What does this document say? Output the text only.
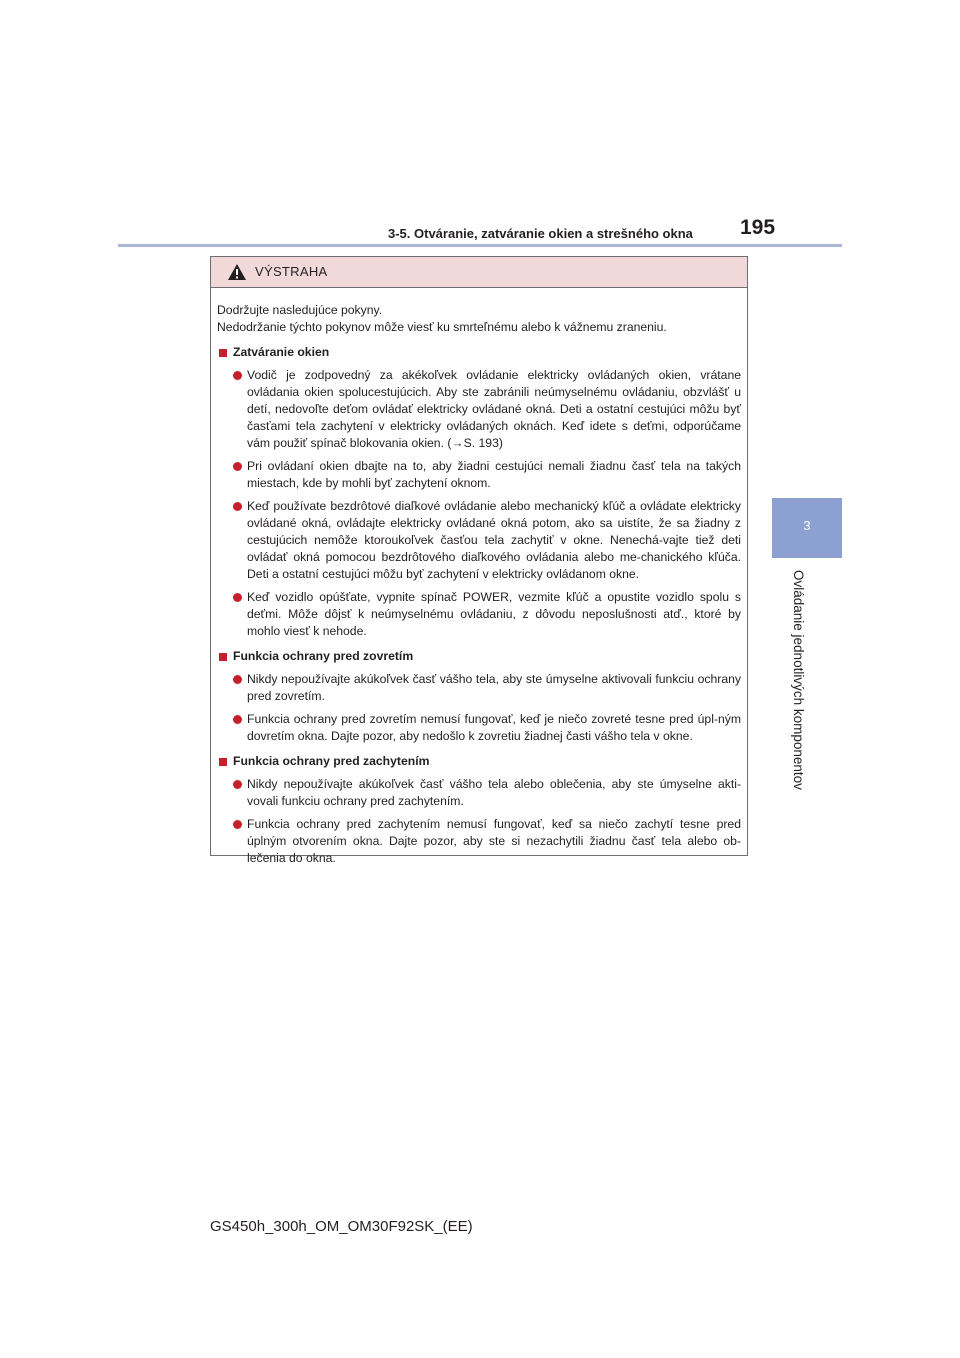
3-5. Otváranie, zatváranie okien a strešného okna	195
3
Ovládanie jednotlivých komponentov
VÝSTRAHA

Dodržujte nasledujúce pokyny.

Nedodržanie týchto pokynov môže viesť ku smrteľnému alebo k vážnemu zraneniu.

Zatváranie okien
Vodič je zodpovedný za akékoľvek ovládanie elektricky ovládaných okien, vrátane ovládania okien spolucestujúcich. Aby ste zabránili neúmyselnému ovládaniu, obzvlášť u detí, nedovoľte deťom ovládať elektricky ovládané okná. Deti a ostatní cestujúci môžu byť časťami tela zachytení v elektricky ovládaných oknách. Keď idete s deťmi, odporúčame vám použiť spínač blokovania okien. (→S. 193)
Pri ovládaní okien dbajte na to, aby žiadni cestujúci nemali žiadnu časť tela na takých miestach, kde by mohli byť zachytení oknom.
Keď používate bezdrôtové diaľkové ovládanie alebo mechanický kľúč a ovládate elektricky ovládané okná, ovládajte elektricky ovládané okná potom, ako sa uistíte, že sa žiadny z cestujúcich nemôže ktoroukoľvek časťou tela zachytiť v okne. Nenechá-vajte tiež deti ovládať okná pomocou bezdrôtového diaľkového ovládania alebo me-chanického kľúča. Deti a ostatní cestujúci môžu byť zachytení v elektricky ovládanom okne.
Keď vozidlo opúšťate, vypnite spínač POWER, vezmite kľúč a opustite vozidlo spolu s deťmi. Môže dôjsť k neúmyselnému ovládaniu, z dôvodu neposlušnosti atď., ktoré by mohlo viesť k nehode.
Funkcia ochrany pred zovretím
Nikdy nepoužívajte akúkoľvek časť vášho tela, aby ste úmyselne aktivovali funkciu ochrany pred zovretím.
Funkcia ochrany pred zovretím nemusí fungovať, keď je niečo zovreté tesne pred úpl-ným dovretím okna. Dajte pozor, aby nedošlo k zovretiu žiadnej časti vášho tela v okne.
Funkcia ochrany pred zachytením
Nikdy nepoužívajte akúkoľvek časť vášho tela alebo oblečenia, aby ste úmyselne akti-vovali funkciu ochrany pred zachytením.
Funkcia ochrany pred zachytením nemusí fungovať, keď sa niečo zachytí tesne pred úplným otvorením okna. Dajte pozor, aby ste si nezachytili žiadnu časť tela alebo ob-lečenia do okna.
GS450h_300h_OM_OM30F92SK_(EE)
